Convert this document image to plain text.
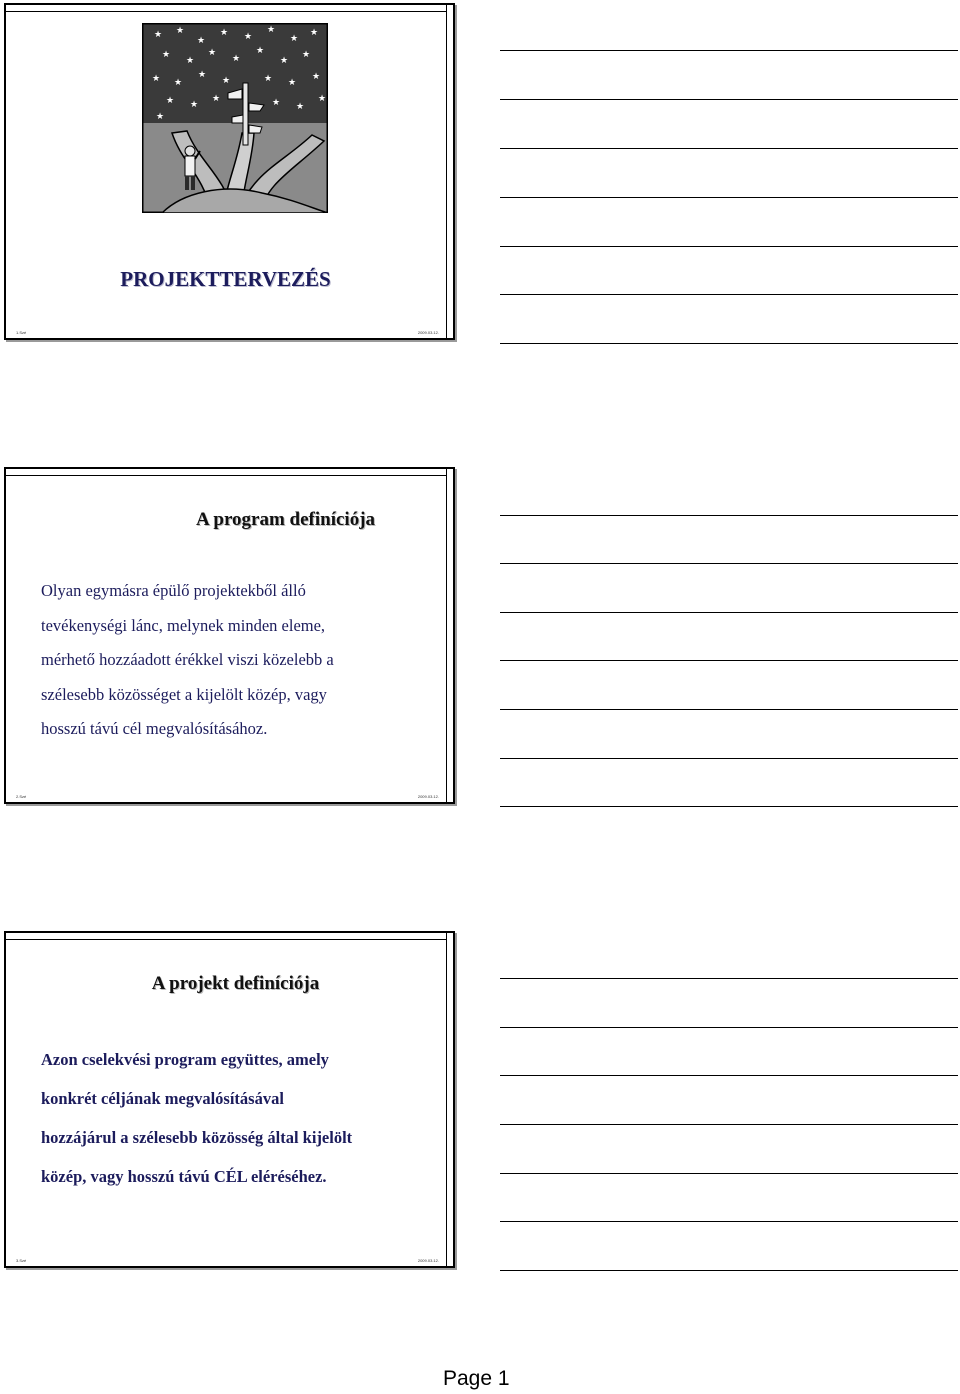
★ ★
★
★ ★
★
★
★
★
★
★
★
★
★
★
★ ★
★
★	★ ★
★
★ ★
★	★ ★
★
★
PROJEKTTERVEZÉS
1.Szé	2009.03.12.
A program definíciója
Olyan egymásra épülő projektekből álló
tevékenységi lánc, melynek minden eleme,
mérhető hozzáadott érékkel viszi közelebb a
szélesebb közösséget a kijelölt közép, vagy
hosszú távú cél megvalósításához.
2.Szé	2009.03.12.
A projekt definíciója
Azon cselekvési program együttes, amely
konkrét céljának megvalósításával
hozzájárul a szélesebb közösség által kijelölt
közép, vagy hosszú távú CÉL eléréséhez.
3.Szé	2009.03.12.
Page 1
